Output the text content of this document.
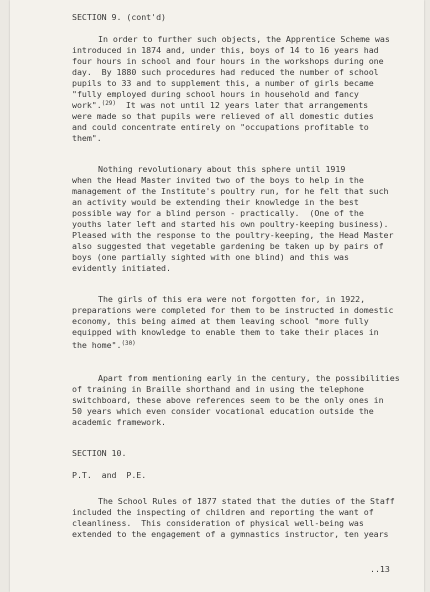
SECTION 9. (cont'd)
In order to further such objects, the Apprentice Scheme was
introduced in 1874 and, under this, boys of 14 to 16 years had
four hours in school and four hours in the workshops during one
day.  By 1880 such procedures had reduced the number of school
pupils to 33 and to supplement this, a number of girls became
"fully employed during school hours in household and fancy
work".$^{(29)}$ It was not until 12 years later that arrangements
were made so that pupils were relieved of all domestic duties
and could concentrate entirely on "occupations profitable to
them".
Nothing revolutionary about this sphere until 1919
when the Head Master invited two of the boys to help in the
management of the Institute's poultry run, for he felt that such
an activity would be extending their knowledge in the best
possible way for a blind person - practically.  (One of the
youths later left and started his own poultry-keeping business).
Pleased with the response to the poultry-keeping, the Head Master
also suggested that vegetable gardening be taken up by pairs of
boys (one partially sighted with one blind) and this was
evidently initiated.
The girls of this era were not forgotten for, in 1922,
preparations were completed for them to be instructed in domestic
economy, this being aimed at them leaving school "more fully
equipped with knowledge to enable them to take their places in
the home".$^{(30)}$
Apart from mentioning early in the century, the possibilities
of training in Braille shorthand and in using the telephone
switchboard, these above references seem to be the only ones in
50 years which even consider vocational education outside the
academic framework.
SECTION 10.
P.T.  and  P.E.
The School Rules of 1877 stated that the duties of the Staff
included the inspecting of children and reporting the want of
cleanliness.  This consideration of physical well-being was
extended to the engagement of a gymnastics instructor, ten years
..13
